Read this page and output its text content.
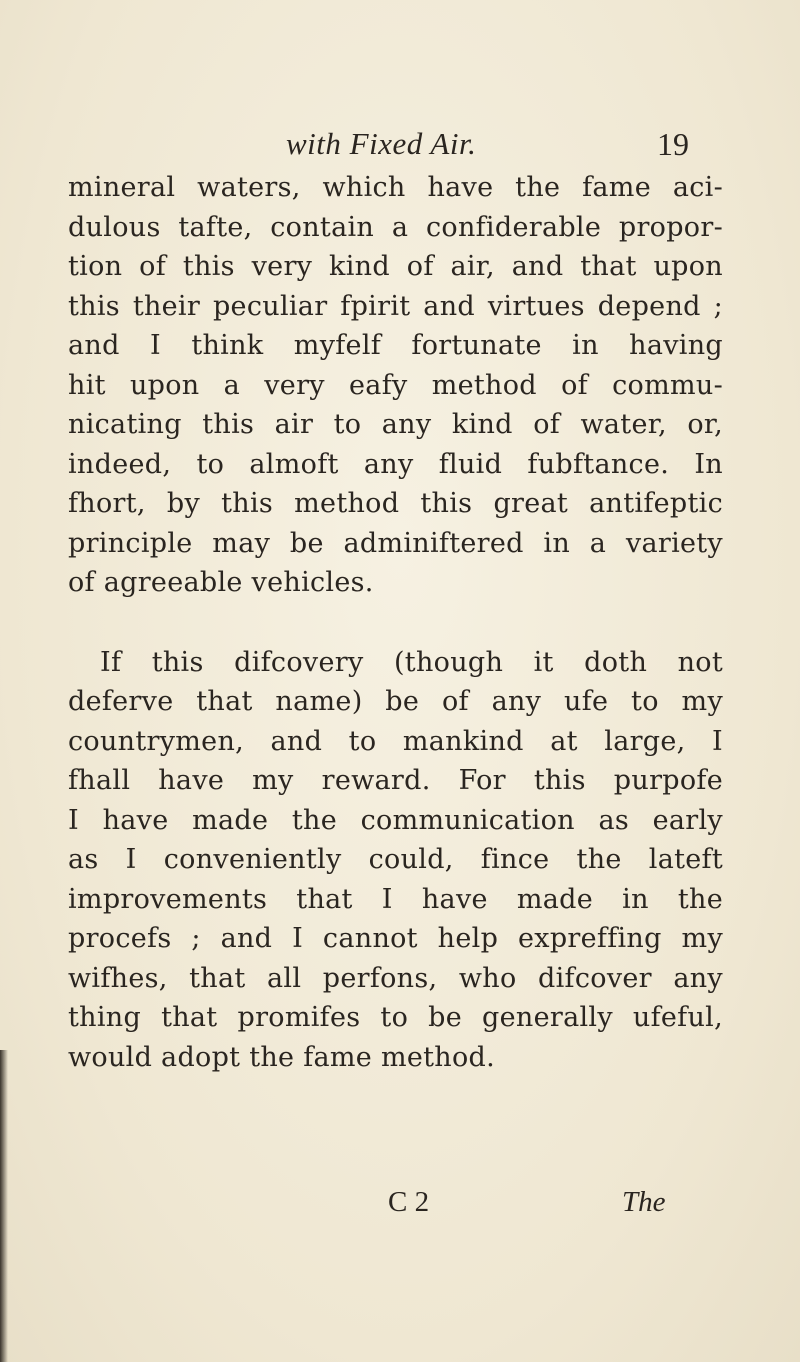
with Fixed Air.	19
mineral waters, which have the fame aci-
dulous tafte, contain a confiderable propor-
tion of this very kind of air, and that upon
this their peculiar fpirit and virtues depend ;
and I think myfelf fortunate in having
hit upon a very eafy method of commu-
nicating this air to any kind of water, or,
indeed, to almoft any fluid fubftance. In
fhort, by this method this great antifeptic
principle may be adminiftered in a variety
of agreeable vehicles.
If this difcovery (though it doth not
deferve that name) be of any ufe to my
countrymen, and to mankind at large, I
fhall have my reward. For this purpofe
I have made the communication as early
as I conveniently could, fince the lateft
improvements that I have made in the
procefs ; and I cannot help expreffing my
wifhes, that all perfons, who difcover any
thing that promifes to be generally ufeful,
would adopt the fame method.
C 2	The
